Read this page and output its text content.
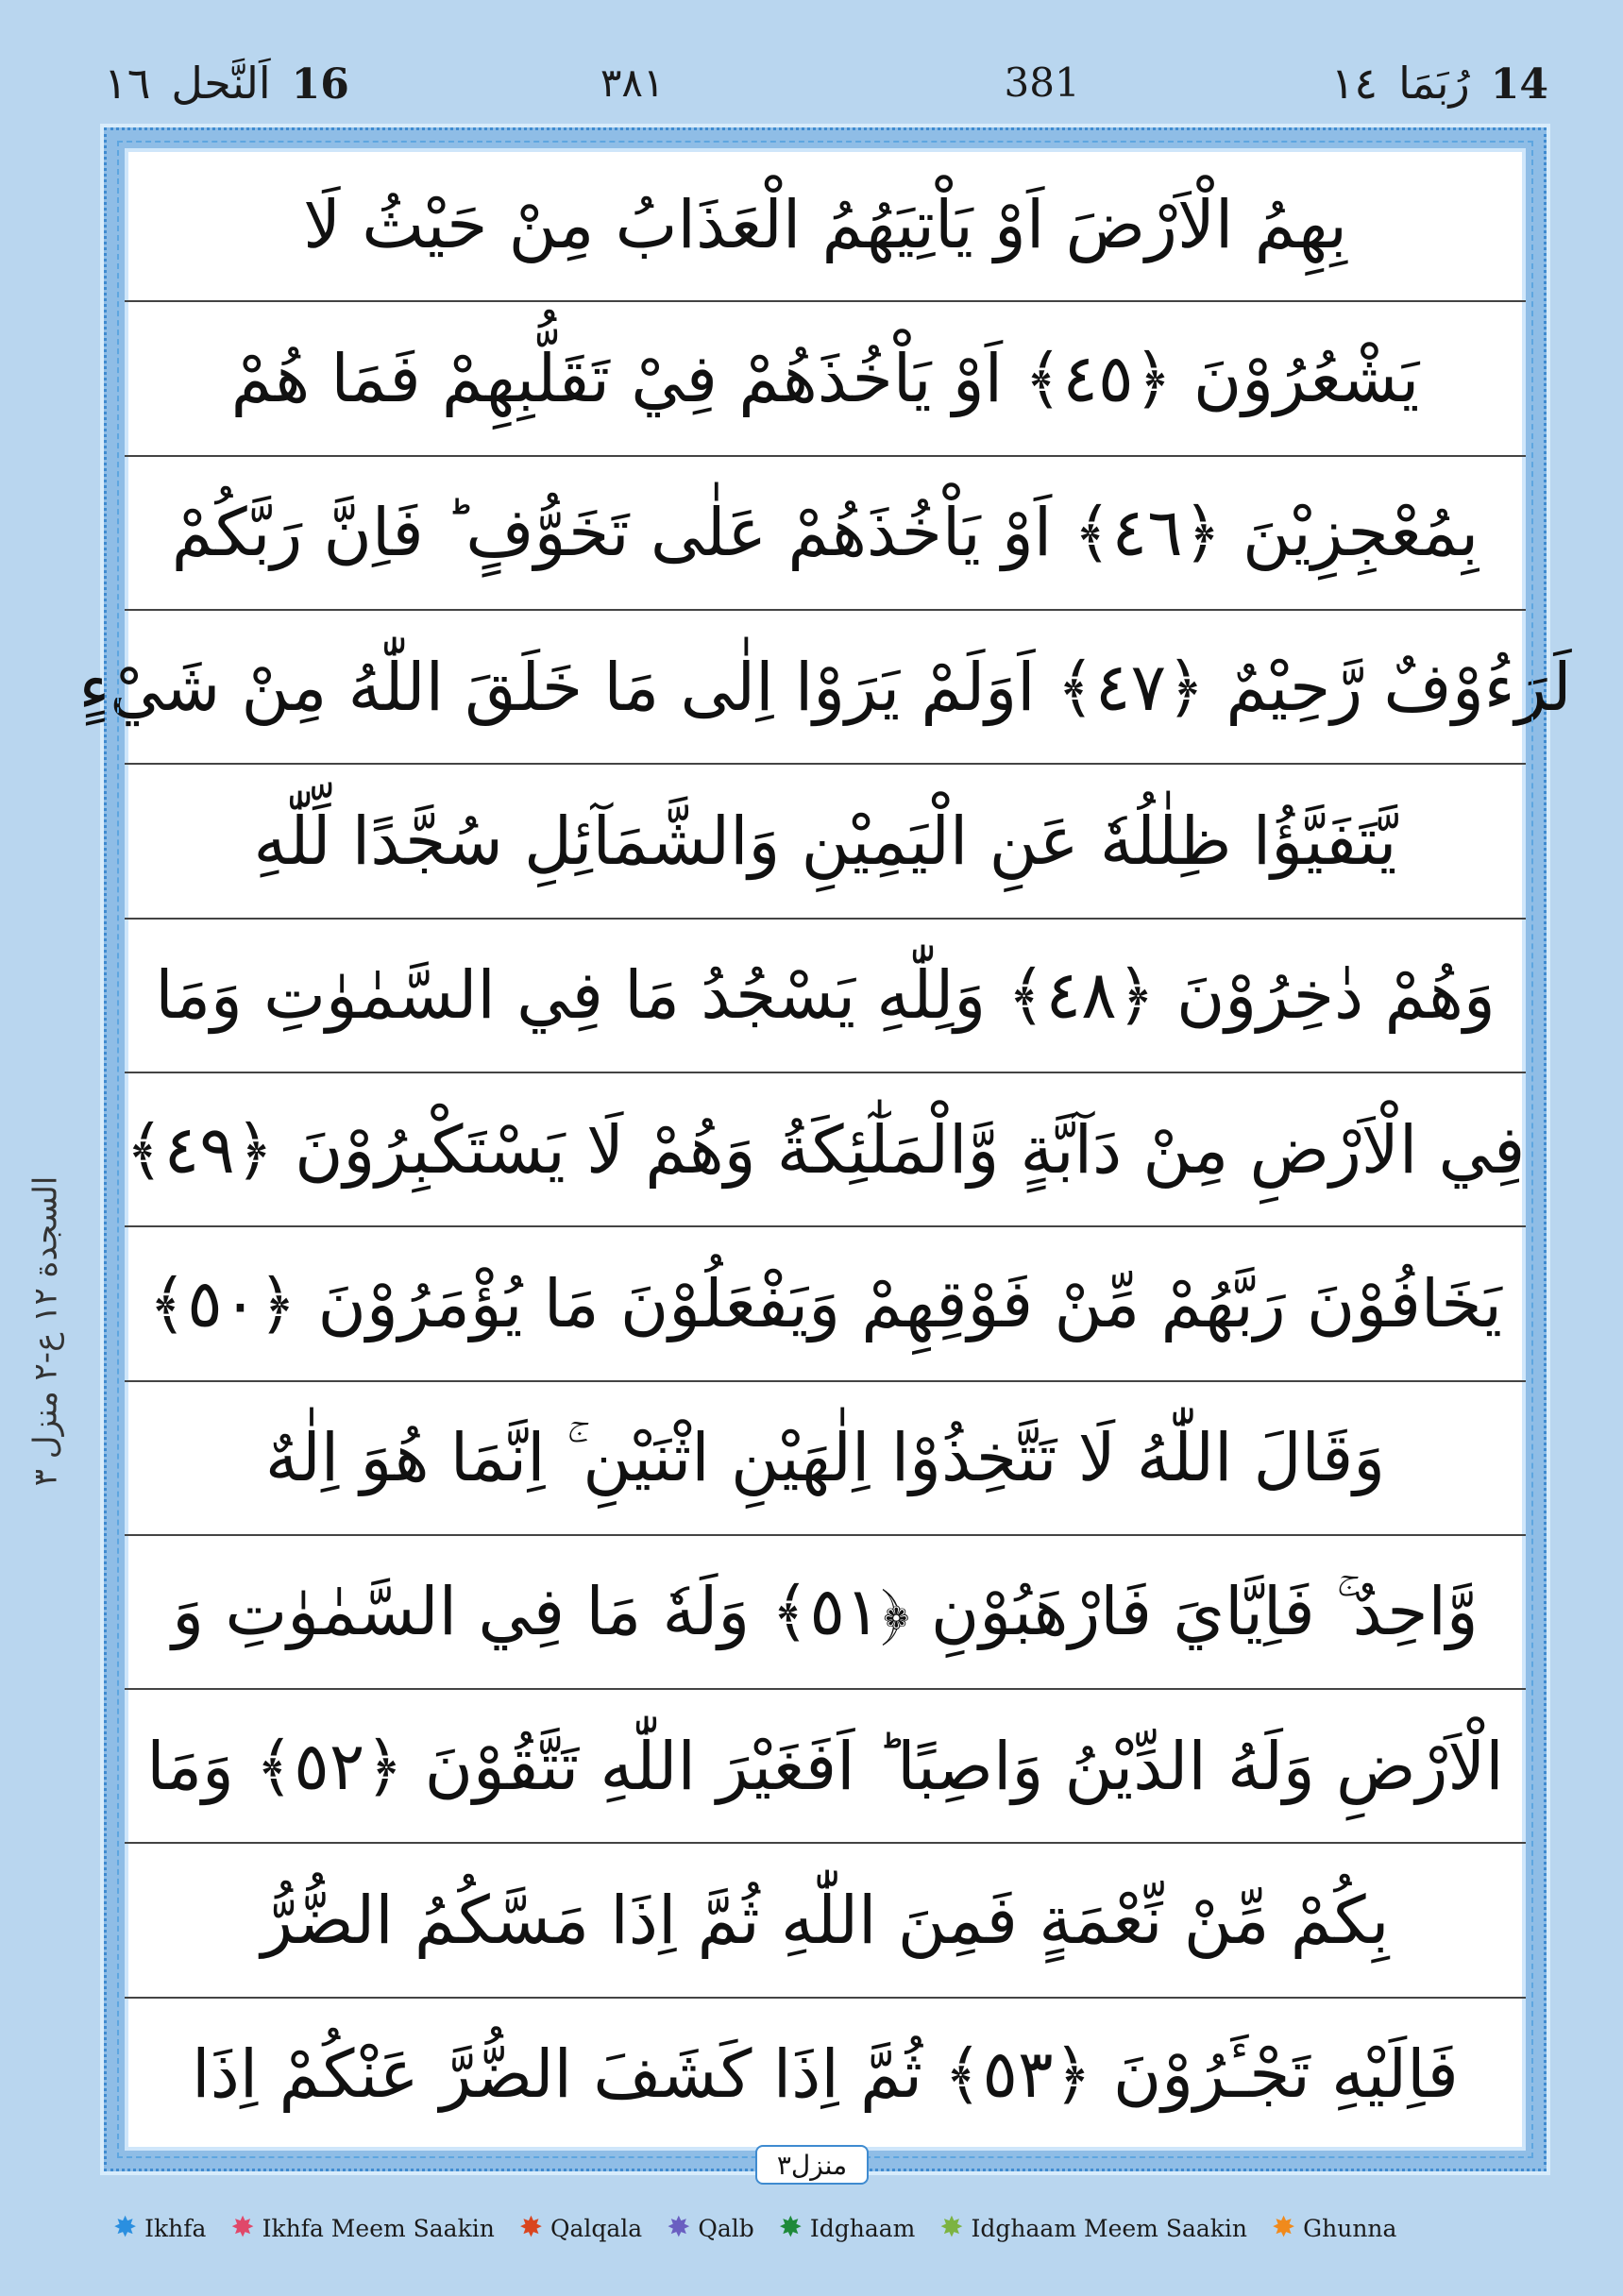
١٦ اَلنَّحل 16	٣٨١	381	١٤ رُبَمَا 14
السجدة ١٢ ع-٢ منزل ٣
بِهِمُ الْاَرْضَ اَوْ يَاْتِيَهُمُ الْعَذَابُ مِنْ حَيْثُ لَا
يَشْعُرُوْنَ ﴿٤٥﴾ اَوْ يَاْخُذَهُمْ فِيْ تَقَلُّبِهِمْ فَمَا هُمْ
بِمُعْجِزِيْنَ ﴿٤٦﴾ اَوْ يَاْخُذَهُمْ عَلٰى تَخَوُّفٍ ؕ فَاِنَّ رَبَّكُمْ
لَرَءُوْفٌ رَّحِيْمٌ ﴿٤٧﴾ اَوَلَمْ يَرَوْا اِلٰى مَا خَلَقَ اللّٰهُ مِنْ شَيْءٍ
يَّتَفَيَّؤُا ظِلٰلُهٗ عَنِ الْيَمِيْنِ وَالشَّمَآئِلِ سُجَّدًا لِّلّٰهِ
وَهُمْ دٰخِرُوْنَ ﴿٤٨﴾ وَلِلّٰهِ يَسْجُدُ مَا فِي السَّمٰوٰتِ وَمَا
فِي الْاَرْضِ مِنْ دَآبَّةٍ وَّالْمَلٰٓئِكَةُ وَهُمْ لَا يَسْتَكْبِرُوْنَ ﴿٤٩﴾
يَخَافُوْنَ رَبَّهُمْ مِّنْ فَوْقِهِمْ وَيَفْعَلُوْنَ مَا يُؤْمَرُوْنَ ﴿٥٠﴾
وَقَالَ اللّٰهُ لَا تَتَّخِذُوْا اِلٰهَيْنِ اثْنَيْنِ ۚ اِنَّمَا هُوَ اِلٰهٌ
وَّاحِدٌ ۚ فَاِيَّايَ فَارْهَبُوْنِ ﴿٥١﴾ وَلَهٗ مَا فِي السَّمٰوٰتِ وَ
الْاَرْضِ وَلَهُ الدِّيْنُ وَاصِبًا ؕ اَفَغَيْرَ اللّٰهِ تَتَّقُوْنَ ﴿٥٢﴾ وَمَا
بِكُمْ مِّنْ نِّعْمَةٍ فَمِنَ اللّٰهِ ثُمَّ اِذَا مَسَّكُمُ الضُّرُّ
فَاِلَيْهِ تَجْـَٔرُوْنَ ﴿٥٣﴾ ثُمَّ اِذَا كَشَفَ الضُّرَّ عَنْكُمْ اِذَا
منزل٣
✸ Ikhfa ✸ Ikhfa Meem Saakin ✸ Qalqala ✸ Qalb ✸ Idghaam ✸ Idghaam Meem Saakin ✸ Ghunna
